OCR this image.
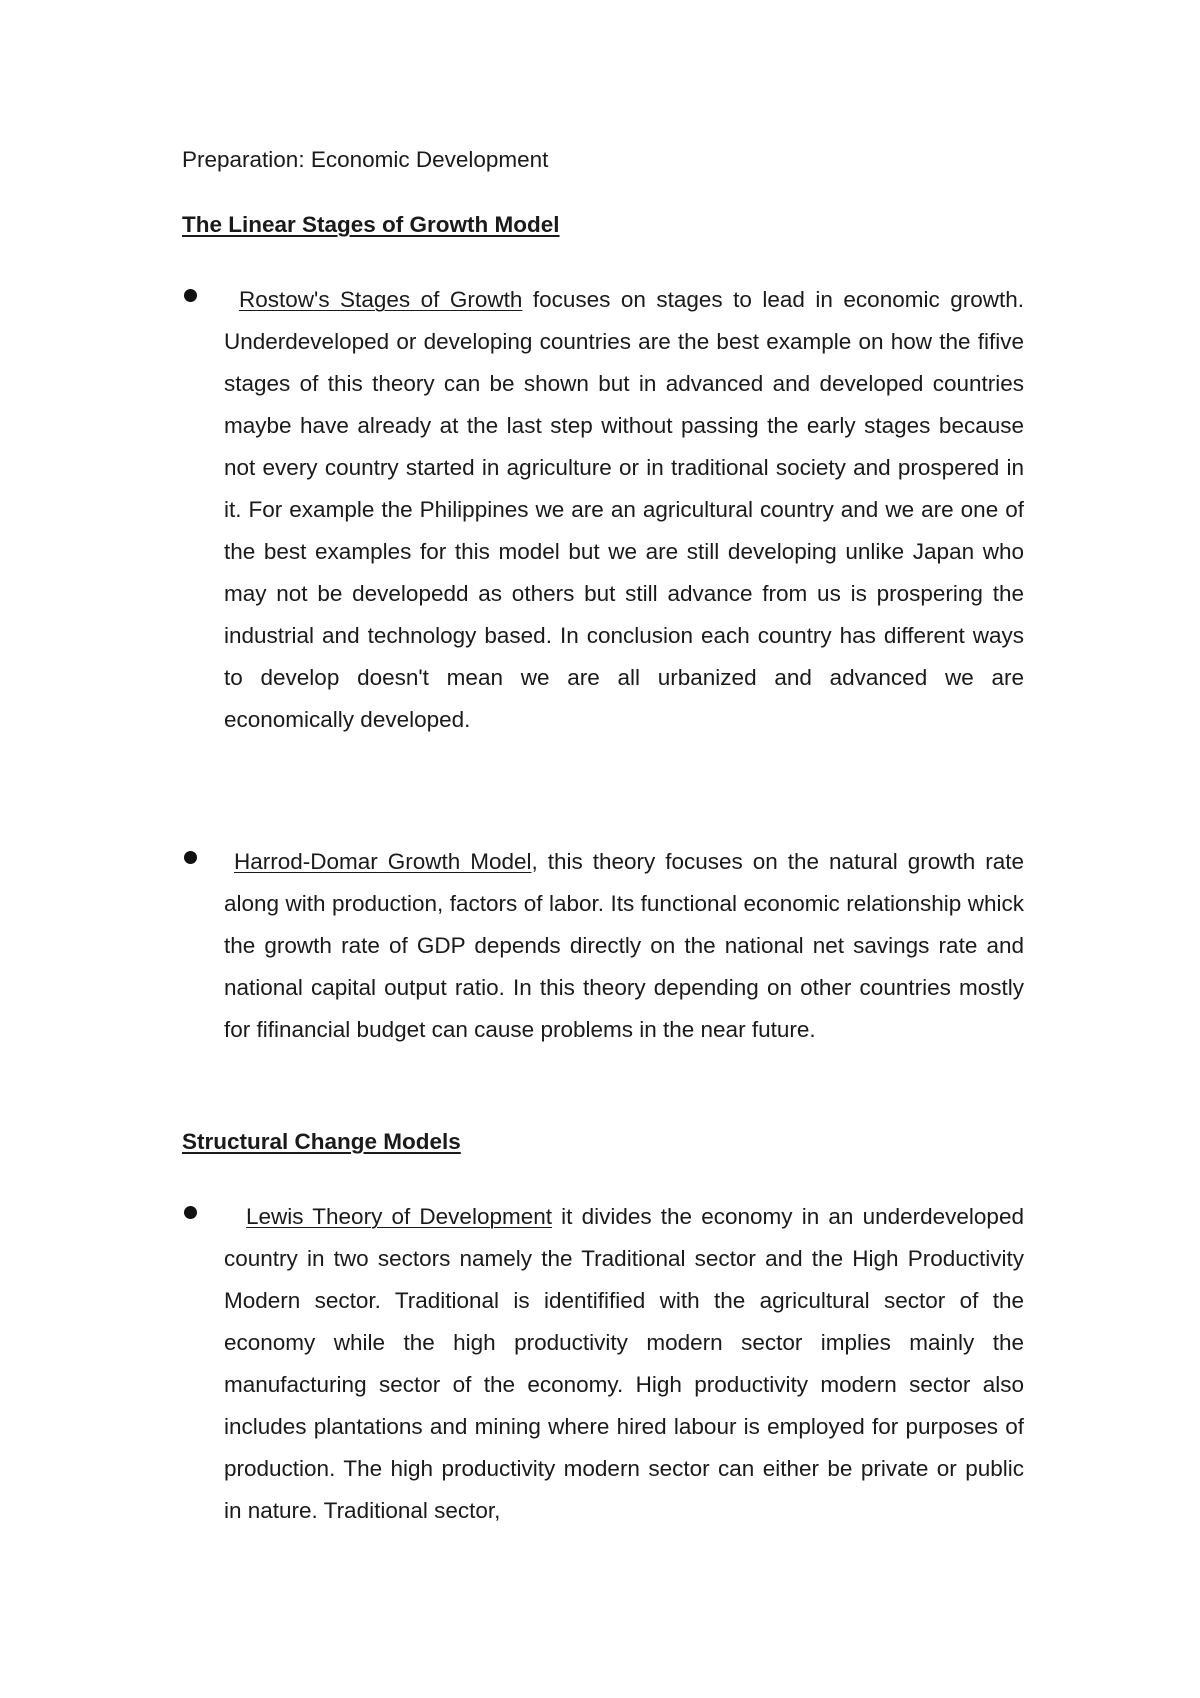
Preparation: Economic Development
The Linear Stages of Growth Model

Rostow's Stages of Growth focuses on stages to lead in economic growth. Underdeveloped or developing countries are the best example on how the fifive stages of this theory can be shown but in advanced and developed countries maybe have already at the last step without passing the early stages because not every country started in agriculture or in traditional society and prospered in it. For example the Philippines we are an agricultural country and we are one of the best examples for this model but we are still developing unlike Japan who may not be developedd as others but still advance from us is prospering the industrial and technology based. In conclusion each country has different ways to develop doesn't mean we are all urbanized and advanced we are economically developed.

Harrod-Domar Growth Model, this theory focuses on the natural growth rate along with production, factors of labor. Its functional economic relationship whick the growth rate of GDP depends directly on the national net savings rate and national capital output ratio. In this theory depending on other countries mostly for fifinancial budget can cause problems in the near future.

Structural Change Models

Lewis Theory of Development it divides the economy in an underdeveloped country in two sectors namely the Traditional sector and the High Productivity Modern sector. Traditional is identifified with the agricultural sector of the economy while the high productivity modern sector implies mainly the manufacturing sector of the economy. High productivity modern sector also includes plantations and mining where hired labour is employed for purposes of production. The high productivity modern sector can either be private or public in nature. Traditional sector,
